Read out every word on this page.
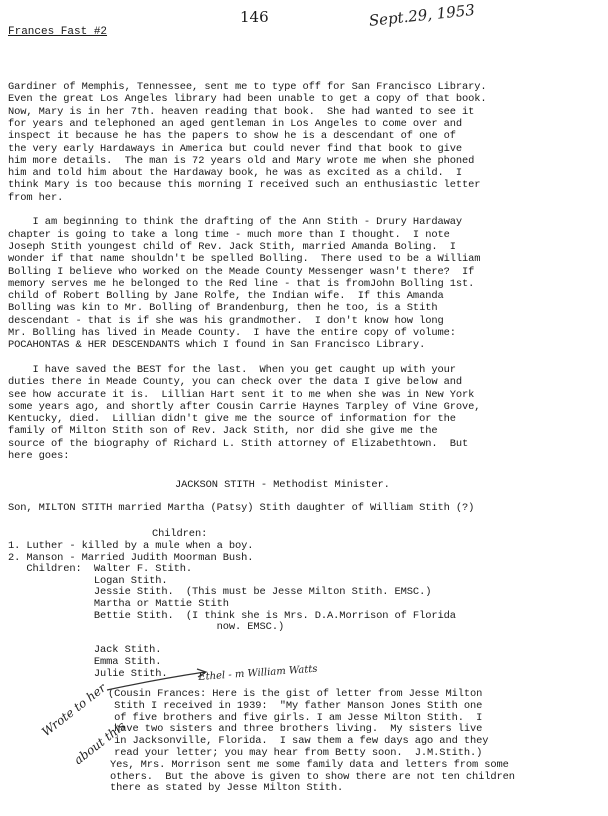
Frances Fast #2
146	Sept.29, 1953
Gardiner of Memphis, Tennessee, sent me to type off for San Francisco Library.
Even the great Los Angeles library had been unable to get a copy of that book.
Now, Mary is in her 7th. heaven reading that book.  She had wanted to see it
for years and telephoned an aged gentleman in Los Angeles to come over and
inspect it because he has the papers to show he is a descendant of one of
the very early Hardaways in America but could never find that book to give
him more details.  The man is 72 years old and Mary wrote me when she phoned
him and told him about the Hardaway book, he was as excited as a child.  I
think Mary is too because this morning I received such an enthusiastic letter
from her.
I am beginning to think the drafting of the Ann Stith - Drury Hardaway
chapter is going to take a long time - much more than I thought.  I note
Joseph Stith youngest child of Rev. Jack Stith, married Amanda Boling.  I
wonder if that name shouldn't be spelled Bolling.  There used to be a William
Bolling I believe who worked on the Meade County Messenger wasn't there?  If
memory serves me he belonged to the Red line - that is fromJohn Bolling 1st.
child of Robert Bolling by Jane Rolfe, the Indian wife.  If this Amanda
Bolling was kin to Mr. Bolling of Brandenburg, then he too, is a Stith
descendant - that is if she was his grandmother.  I don't know how long
Mr. Bolling has lived in Meade County.  I have the entire copy of volume:
POCAHONTAS & HER DESCENDANTS which I found in San Francisco Library.
I have saved the BEST for the last.  When you get caught up with your
duties there in Meade County, you can check over the data I give below and
see how accurate it is.  Lillian Hart sent it to me when she was in New York
some years ago, and shortly after Cousin Carrie Haynes Tarpley of Vine Grove,
Kentucky, died.  Lillian didn't give me the source of information for the
family of Milton Stith son of Rev. Jack Stith, nor did she give me the
source of the biography of Richard L. Stith attorney of Elizabethtown.  But
here goes:
JACKSON STITH - Methodist Minister.
Son, MILTON STITH married Martha (Patsy) Stith daughter of William Stith (?)
Children:
1. Luther - killed by a mule when a boy.
2. Manson - Married Judith Moorman Bush.
Children:  Walter F. Stith.
Logan Stith.
Jessie Stith.  (This must be Jesse Milton Stith. EMSC.)
Martha or Mattie Stith
Bettie Stith.  (I think she is Mrs. D.A.Morrison of Florida
now. EMSC.)
Jack Stith.
Emma Stith.
Julie Stith.
(Cousin Frances: Here is the gist of letter from Jesse Milton
Stith I received in 1939:  "My father Manson Jones Stith one
of five brothers and five girls. I am Jesse Milton Stith.  I
have two sisters and three brothers living.  My sisters live
in Jacksonville, Florida.  I saw them a few days ago and they
read your letter; you may hear from Betty soon.  J.M.Stith.)
Yes, Mrs. Morrison sent me some family data and letters from some
others.  But the above is given to show there are not ten children
there as stated by Jesse Milton Stith.
Ethel - m William Watts

Wrote to her

about this
